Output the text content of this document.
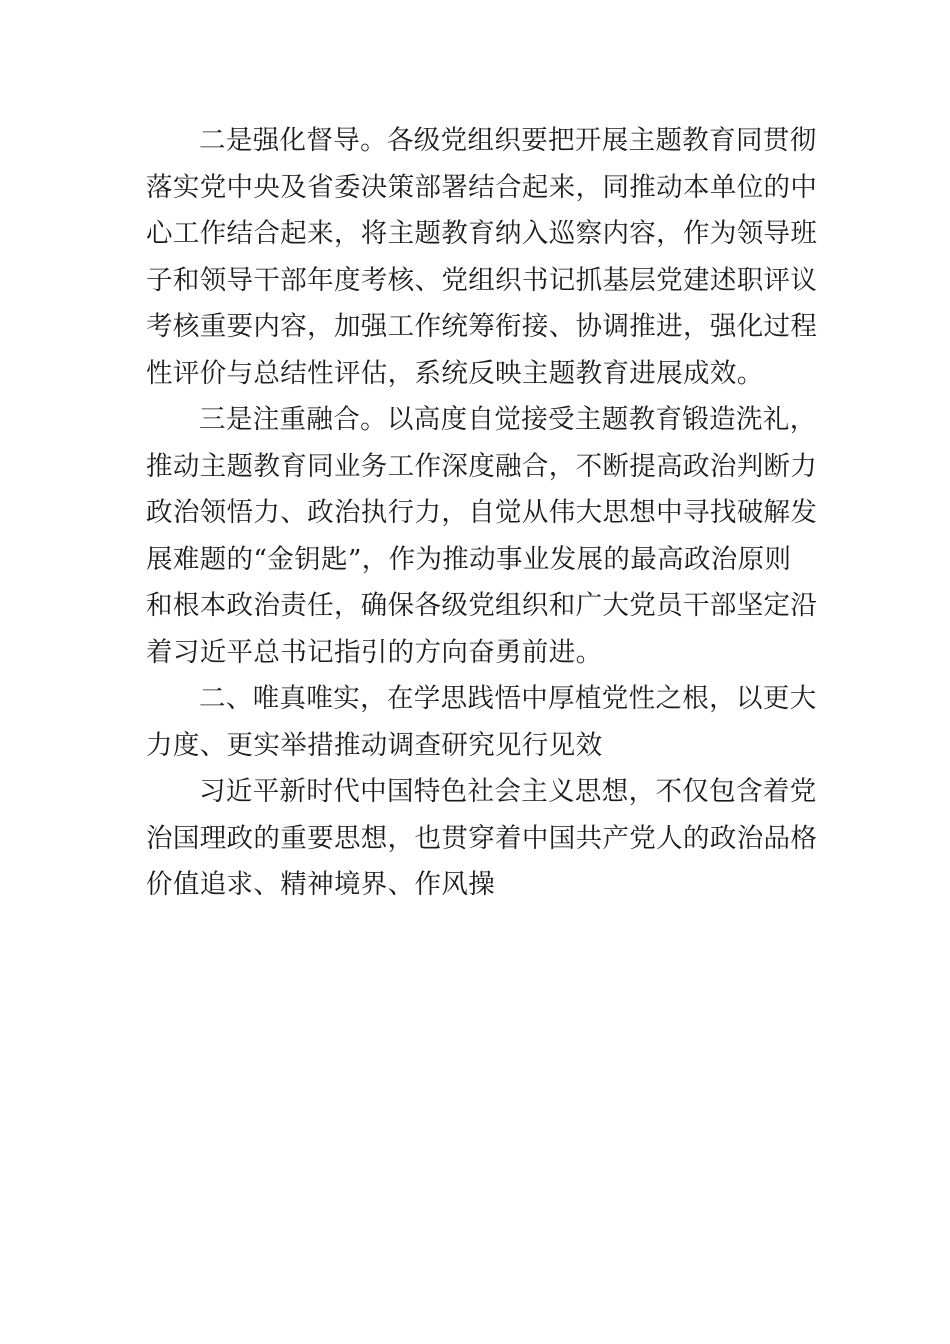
二是强化督导。各级党组织要把开展主题教育同贯彻
落实党中央及省委决策部署结合起来，同推动本单位的中
心工作结合起来，将主题教育纳入巡察内容，作为领导班
子和领导干部年度考核、党组织书记抓基层党建述职评议
考核重要内容，加强工作统筹衔接、协调推进，强化过程
性评价与总结性评估，系统反映主题教育进展成效。

三是注重融合。以高度自觉接受主题教育锻造洗礼，
推动主题教育同业务工作深度融合，不断提高政治判断力
政治领悟力、政治执行力，自觉从伟大思想中寻找破解发
展难题的“金钥匙”，作为推动事业发展的最高政治原则
和根本政治责任，确保各级党组织和广大党员干部坚定沿
着习近平总书记指引的方向奋勇前进。

二、唯真唯实，在学思践悟中厚植党性之根，以更大
力度、更实举措推动调查研究见行见效

习近平新时代中国特色社会主义思想，不仅包含着党
治国理政的重要思想，也贯穿着中国共产党人的政治品格
价值追求、精神境界、作风操
